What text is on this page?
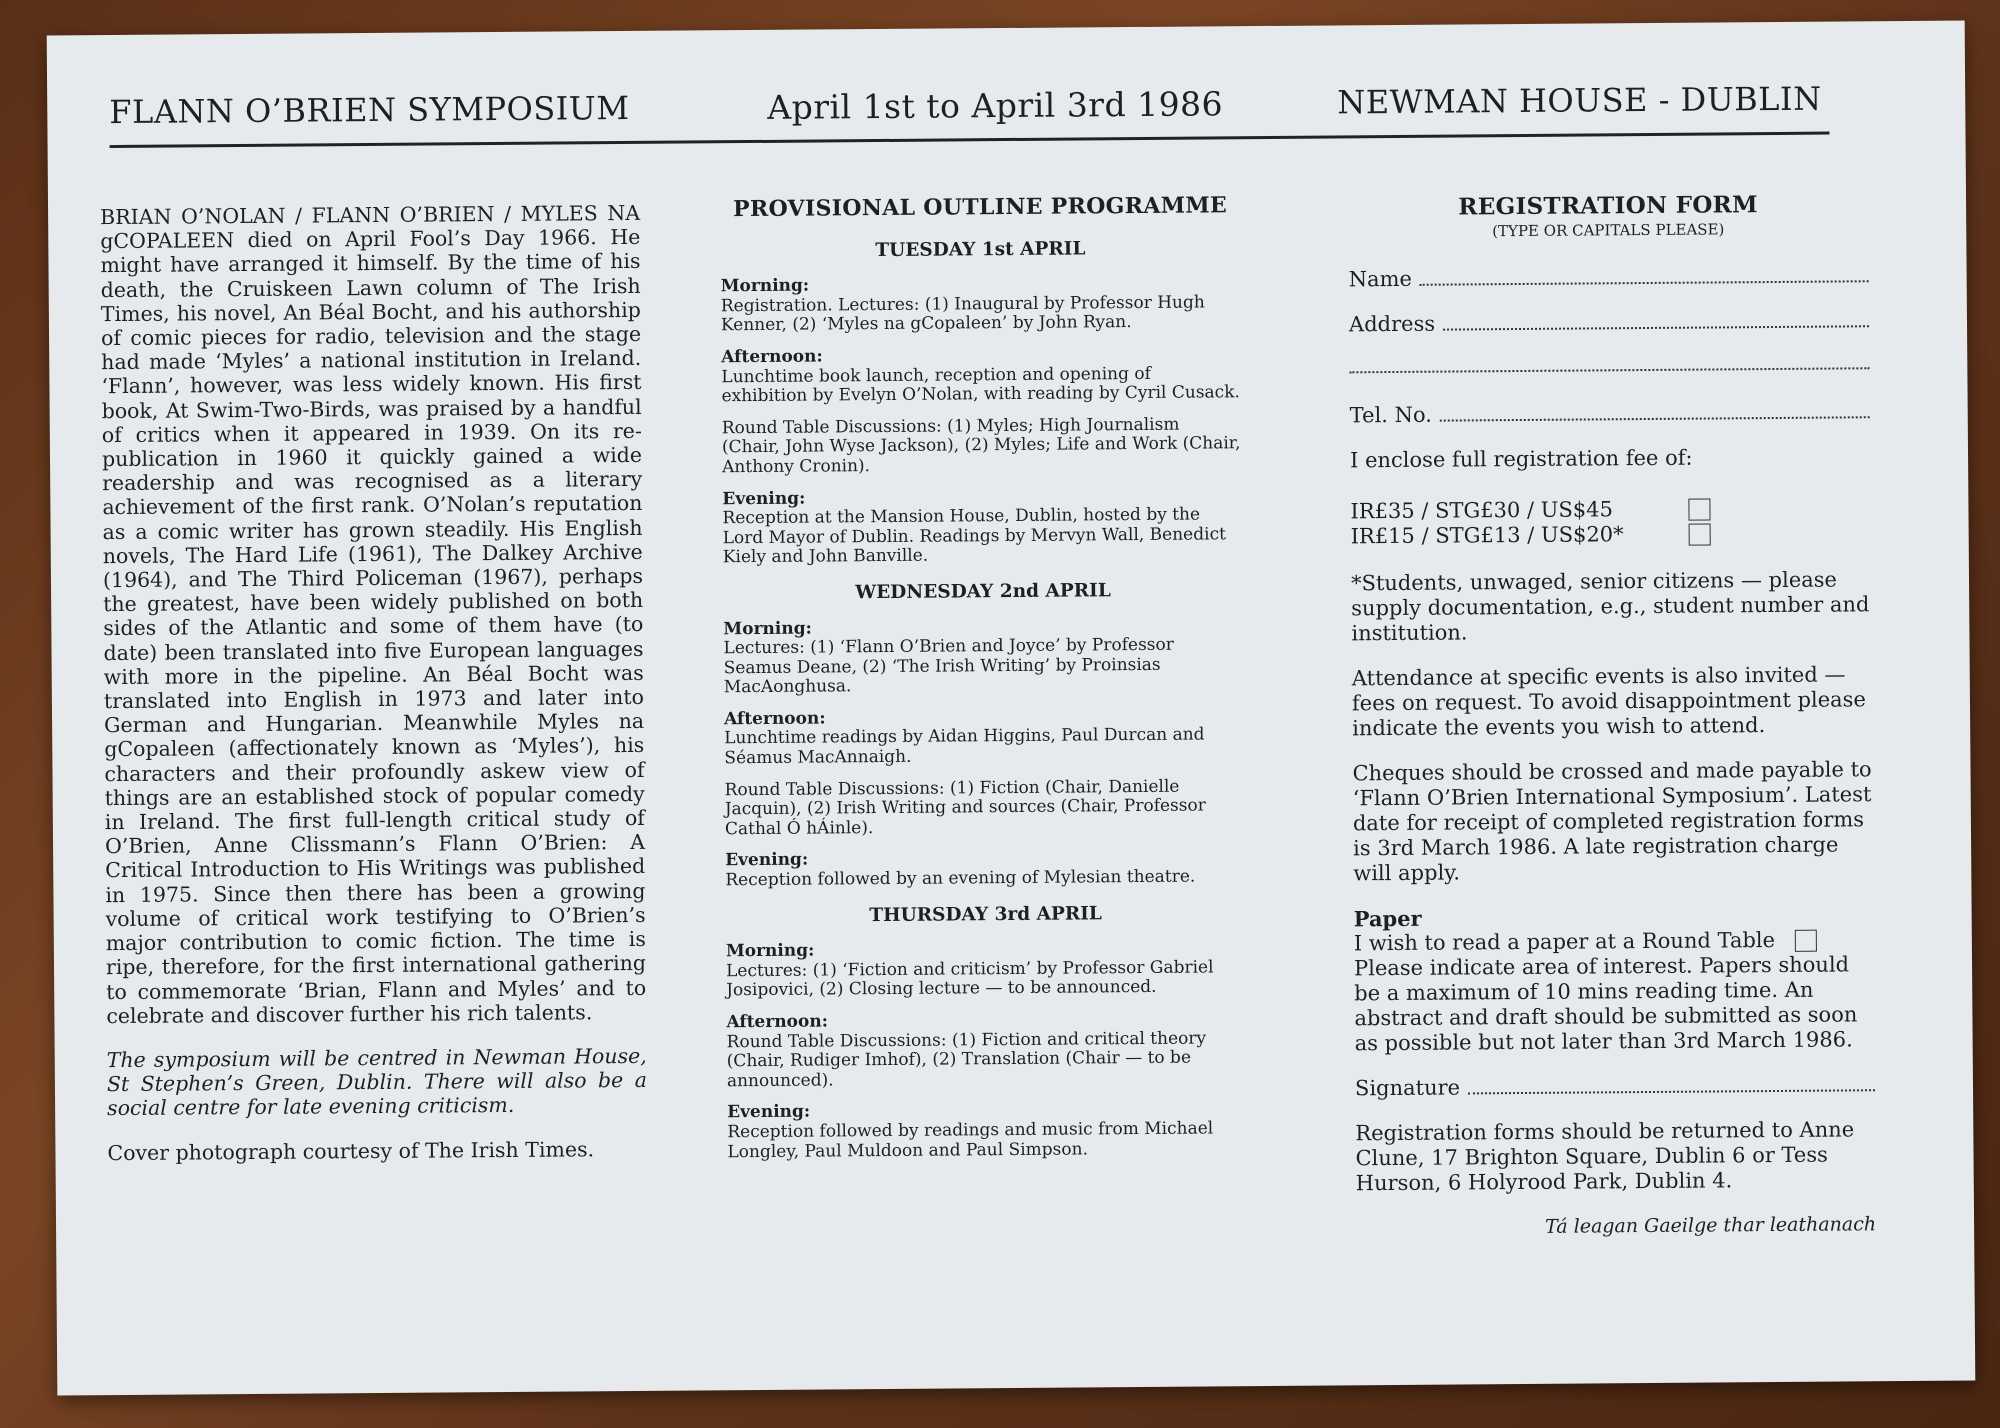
FLANN O’BRIEN SYMPOSIUM	April 1st to April 3rd 1986	NEWMAN HOUSE - DUBLIN

BRIAN O’NOLAN / FLANN O’BRIEN / MYLES NA gCOPALEEN died on April Fool’s Day 1966. He might have arranged it himself. By the time of his death, the Cruiskeen Lawn column of The Irish Times, his novel, An Béal Bocht, and his authorship of comic pieces for radio, television and the stage had made ‘Myles’ a national institution in Ireland. ‘Flann’, however, was less widely known. His first book, At Swim-Two-Birds, was praised by a handful of critics when it appeared in 1939. On its re-publication in 1960 it quickly gained a wide readership and was recognised as a literary achievement of the first rank. O’Nolan’s reputation as a comic writer has grown steadily. His English novels, The Hard Life (1961), The Dalkey Archive (1964), and The Third Policeman (1967), perhaps the greatest, have been widely published on both sides of the Atlantic and some of them have (to date) been translated into five European languages with more in the pipeline. An Béal Bocht was translated into English in 1973 and later into German and Hungarian. Meanwhile Myles na gCopaleen (affectionately known as ‘Myles’), his characters and their profoundly askew view of things are an established stock of popular comedy in Ireland. The first full-length critical study of O’Brien, Anne Clissmann’s Flann O’Brien: A Critical Introduction to His Writings was published in 1975. Since then there has been a growing volume of critical work testifying to O’Brien’s major contribution to comic fiction. The time is ripe, therefore, for the first international gathering to commemorate ‘Brian, Flann and Myles’ and to celebrate and discover further his rich talents.

The symposium will be centred in Newman House, St Stephen’s Green, Dublin. There will also be a social centre for late evening criticism.

Cover photograph courtesy of The Irish Times.

PROVISIONAL OUTLINE PROGRAMME
TUESDAY 1st APRIL
Morning:
Registration. Lectures: (1) Inaugural by Professor Hugh Kenner, (2) ‘Myles na gCopaleen’ by John Ryan.
Afternoon:
Lunchtime book launch, reception and opening of exhibition by Evelyn O’Nolan, with reading by Cyril Cusack.
Round Table Discussions: (1) Myles; High Journalism (Chair, John Wyse Jackson), (2) Myles; Life and Work (Chair, Anthony Cronin).
Evening:
Reception at the Mansion House, Dublin, hosted by the Lord Mayor of Dublin. Readings by Mervyn Wall, Benedict Kiely and John Banville.
WEDNESDAY 2nd APRIL
Morning:
Lectures: (1) ‘Flann O’Brien and Joyce’ by Professor Seamus Deane, (2) ‘The Irish Writing’ by Proinsias MacAonghusa.
Afternoon:
Lunchtime readings by Aidan Higgins, Paul Durcan and Séamus MacAnnaigh.
Round Table Discussions: (1) Fiction (Chair, Danielle Jacquin), (2) Irish Writing and sources (Chair, Professor Cathal Ó hÁinle).
Evening:
Reception followed by an evening of Mylesian theatre.
THURSDAY 3rd APRIL
Morning:
Lectures: (1) ‘Fiction and criticism’ by Professor Gabriel Josipovici, (2) Closing lecture — to be announced.
Afternoon:
Round Table Discussions: (1) Fiction and critical theory (Chair, Rudiger Imhof), (2) Translation (Chair — to be announced).
Evening:
Reception followed by readings and music from Michael Longley, Paul Muldoon and Paul Simpson.
REGISTRATION FORM
(TYPE OR CAPITALS PLEASE)
Name
Address
Tel. No.

I enclose full registration fee of:

IR£35 / STG£30 / US$45
IR£15 / STG£13 / US$20*

*Students, unwaged, senior citizens — please supply documentation, e.g., student number and institution.

Attendance at specific events is also invited — fees on request. To avoid disappointment please indicate the events you wish to attend.

Cheques should be crossed and made payable to ‘Flann O’Brien International Symposium’. Latest date for receipt of completed registration forms is 3rd March 1986. A late registration charge will apply.

Paper

I wish to read a paper at a Round Table

Please indicate area of interest. Papers should be a maximum of 10 mins reading time. An abstract and draft should be submitted as soon as possible but not later than 3rd March 1986.

Signature

Registration forms should be returned to Anne Clune, 17 Brighton Square, Dublin 6 or Tess Hurson, 6 Holyrood Park, Dublin 4.

Tá leagan Gaeilge thar leathanach
